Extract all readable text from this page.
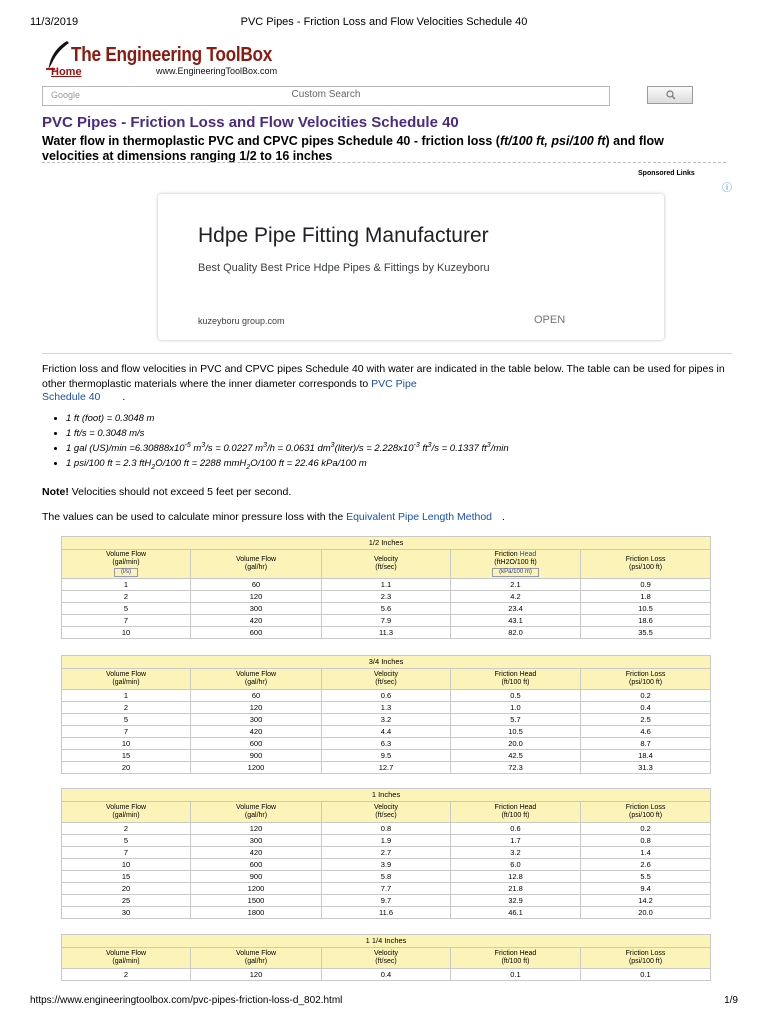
11/3/2019	PVC Pipes - Friction Loss and Flow Velocities Schedule 40
The Engineering ToolBox
Home	www.EngineeringToolBox.com
Google	Custom Search
PVC Pipes - Friction Loss and Flow Velocities Schedule 40

Water flow in thermoplastic PVC and CPVC pipes Schedule 40 - friction loss (ft/100 ft, psi/100 ft) and flow velocities at dimensions ranging 1/2 to 16 inches

Sponsored Links
ⓘ
Hdpe Pipe Fitting Manufacturer
Best Quality Best Price Hdpe Pipes & Fittings by Kuzeyboru
kuzeyboru group.com	OPEN
Friction loss and flow velocities in PVC and CPVC pipes Schedule 40 with water are indicated in the table below. The table can be used for pipes in other thermoplastic materials where the inner diameter corresponds to PVC Pipe
Schedule 40 .
• 1 ft (foot) = 0.3048 m
• 1 ft/s = 0.3048 m/s
• 1 gal $(US)/\min =6.30888x10^{-5}$ $m^3/s = 0.0227$ $m^3/h = 0.0631$ $dm^3(liter)/s = 2.228x10^{-3}$ $ft^3/s = 0.1337$ $ft^3/\min$
• 1 psi/100 ft = 2.3 ftH$_2$O/100 ft = 2288 mmH$_2$O/100 ft = 22.46 kPa/100 m
Note! Velocities should not exceed 5 feet per second.
The values can be used to calculate minor pressure loss with the Equivalent Pipe Length Method .
1/2 Inches				
Volume Flow
(gal/min)
(l/s)	Volume Flow
(gal/hr)	Velocity
(ft/sec)	Friction Head
(ftH2O/100 ft)
(kPa/100 m)	Friction Loss
(psi/100 ft)
1	60	1.1	2.1	0.9
2	120	2.3	4.2	1.8
5	300	5.6	23.4	10.5
7	420	7.9	43.1	18.6
10	600	11.3	82.0	35.5
3/4 Inches				
Volume Flow
(gal/min)	Volume Flow
(gal/hr)	Velocity
(ft/sec)	Friction Head
(ft/100 ft)	Friction Loss
(psi/100 ft)
1	60	0.6	0.5	0.2
2	120	1.3	1.0	0.4
5	300	3.2	5.7	2.5
7	420	4.4	10.5	4.6
10	600	6.3	20.0	8.7
15	900	9.5	42.5	18.4
20	1200	12.7	72.3	31.3
1 Inches				
Volume Flow
(gal/min)	Volume Flow
(gal/hr)	Velocity
(ft/sec)	Friction Head
(ft/100 ft)	Friction Loss
(psi/100 ft)
2	120	0.8	0.6	0.2
5	300	1.9	1.7	0.8
7	420	2.7	3.2	1.4
10	600	3.9	6.0	2.6
15	900	5.8	12.8	5.5
20	1200	7.7	21.8	9.4
25	1500	9.7	32.9	14.2
30	1800	11.6	46.1	20.0
1 1/4 Inches				
Volume Flow
(gal/min)	Volume Flow
(gal/hr)	Velocity
(ft/sec)	Friction Head
(ft/100 ft)	Friction Loss
(psi/100 ft)
2	120	0.4	0.1	0.1
https://www.engineeringtoolbox.com/pvc-pipes-friction-loss-d_802.html	1/9
